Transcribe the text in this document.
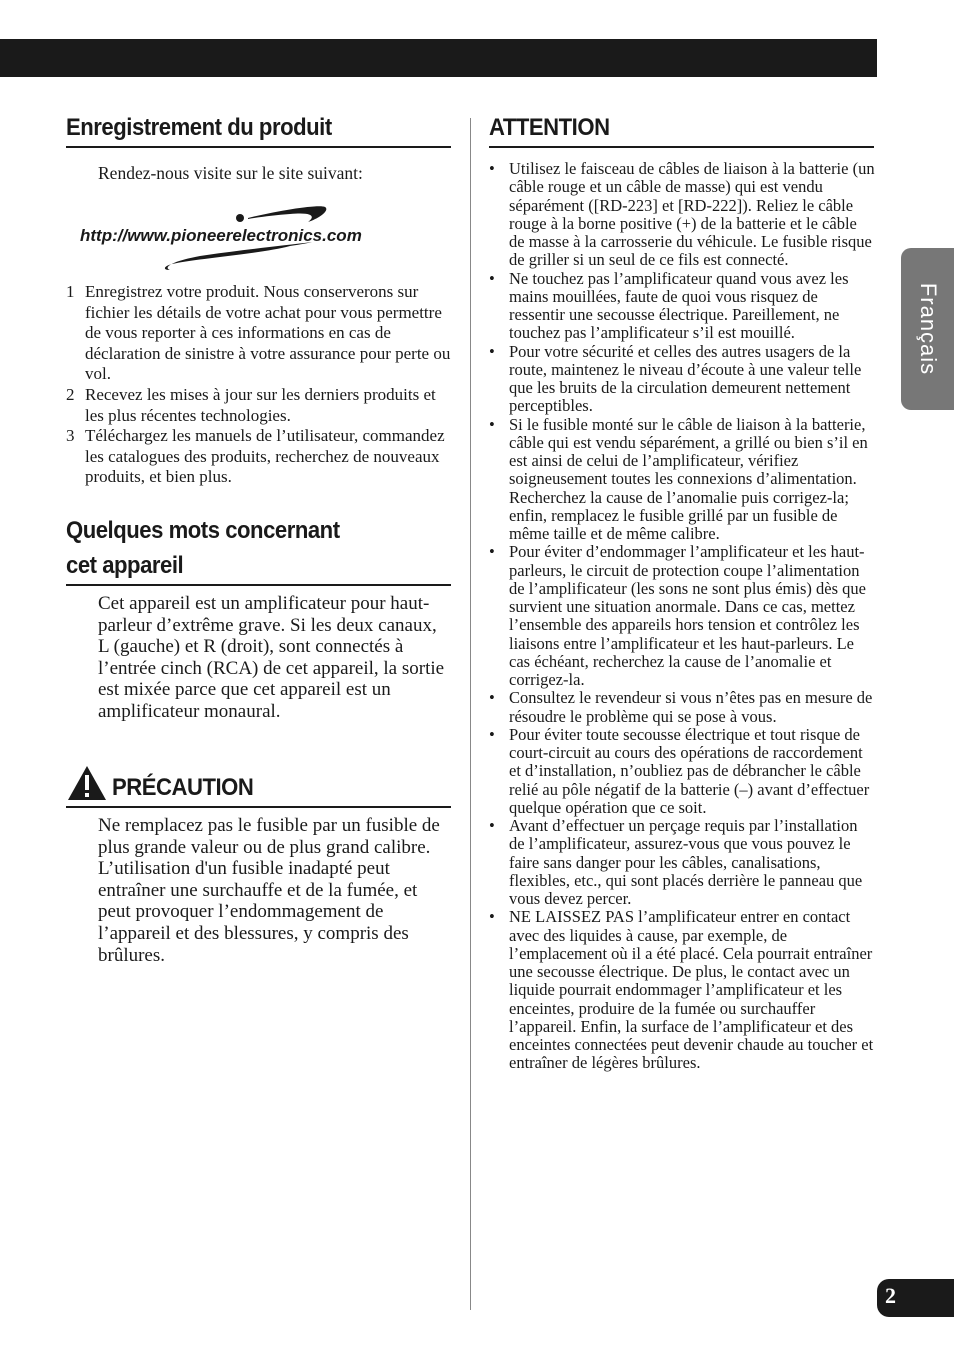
Enregistrement du produit

Rendez-nous visite sur le site suivant:

http://www.pioneerelectronics.com
1 Enregistrez votre produit. Nous conserverons sur fichier les détails de votre achat pour vous permettre de vous reporter à ces informations en cas de déclaration de sinistre à votre assurance pour perte ou vol.
2 Recevez les mises à jour sur les derniers produits et les plus récentes technologies.
3 Téléchargez les manuels de l’utilisateur, commandez les catalogues des produits, recherchez de nouveaux produits, et bien plus.
Quelques mots concernant
cet appareil

Cet appareil est un amplificateur pour haut-parleur d’extrême grave. Si les deux canaux, L (gauche) et R (droit), sont connectés à l’entrée cinch (RCA) de cet appareil, la sortie est mixée parce que cet appareil est un amplificateur monaural.

PRÉCAUTION

Ne remplacez pas le fusible par un fusible de plus grande valeur ou de plus grand calibre. L’utilisation d'un fusible inadapté peut entraîner une surchauffe et de la fumée, et peut provoquer l’endommagement de l’appareil et des blessures, y compris des brûlures.

ATTENTION
• Utilisez le faisceau de câbles de liaison à la batterie (un câble rouge et un câble de masse) qui est vendu séparément ([RD-223] et [RD-222]). Reliez le câble rouge à la borne positive (+) de la batterie et le câble de masse à la carrosserie du véhicule. Le fusible risque de griller si un seul de ce fils est connecté.
• Ne touchez pas l’amplificateur quand vous avez les mains mouillées, faute de quoi vous risquez de ressentir une secousse électrique. Pareillement, ne touchez pas l’amplificateur s’il est mouillé.
• Pour votre sécurité et celles des autres usagers de la route, maintenez le niveau d’écoute à une valeur telle que les bruits de la circulation demeurent nettement perceptibles.
• Si le fusible monté sur le câble de liaison à la batterie, câble qui est vendu séparément, a grillé ou bien s’il en est ainsi de celui de l’amplificateur, vérifiez soigneusement toutes les connexions d’alimentation. Recherchez la cause de l’anomalie puis corrigez-la; enfin, remplacez le fusible grillé par un fusible de même taille et de même calibre.
• Pour éviter d’endommager l’amplificateur et les haut-parleurs, le circuit de protection coupe l’alimentation de l’amplificateur (les sons ne sont plus émis) dès que survient une situation anormale. Dans ce cas, mettez l’ensemble des appareils hors tension et contrôlez les liaisons entre l’amplificateur et les haut-parleurs. Le cas échéant, recherchez la cause de l’anomalie et corrigez-la.
• Consultez le revendeur si vous n’êtes pas en mesure de résoudre le problème qui se pose à vous.
• Pour éviter toute secousse électrique et tout risque de court-circuit au cours des opérations de raccordement et d’installation, n’oubliez pas de débrancher le câble relié au pôle négatif de la batterie (–) avant d’effectuer quelque opération que ce soit.
• Avant d’effectuer un perçage requis par l’installation de l’amplificateur, assurez-vous que vous pouvez le faire sans danger pour les câbles, canalisations, flexibles, etc., qui sont placés derrière le panneau que vous devez percer.
• NE LAISSEZ PAS l’amplificateur entrer en contact avec des liquides à cause, par exemple, de l’emplacement où il a été placé. Cela pourrait entraîner une secousse électrique. De plus, le contact avec un liquide pourrait endommager l’amplificateur et les enceintes, produire de la fumée ou surchauffer l’appareil. Enfin, la surface de l’amplificateur et des enceintes connectées peut devenir chaude au toucher et entraîner de légères brûlures.
Français
2
